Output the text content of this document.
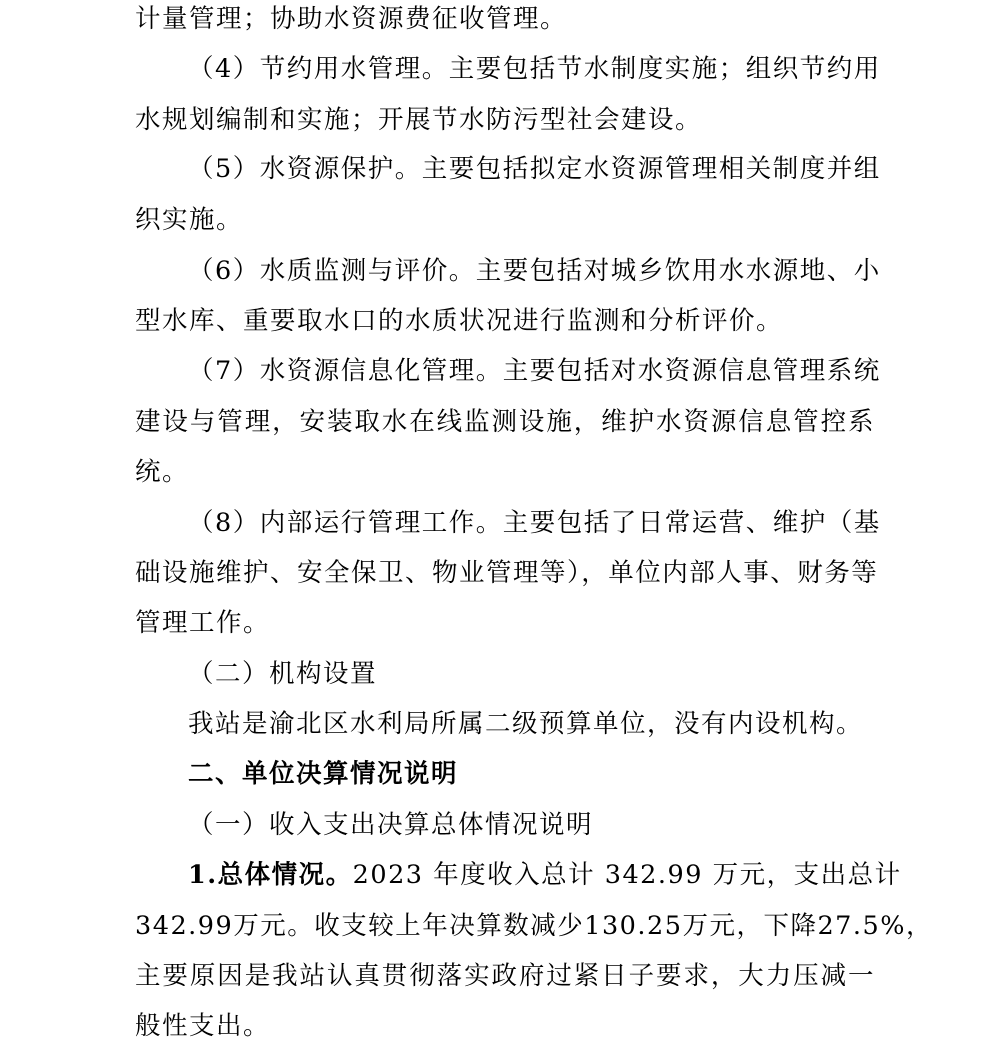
计量管理；协助水资源费征收管理。
（4）节约用水管理。主要包括节水制度实施；组织节约用
水规划编制和实施；开展节水防污型社会建设。
（5）水资源保护。主要包括拟定水资源管理相关制度并组
织实施。
（6）水质监测与评价。主要包括对城乡饮用水水源地、小
型水库、重要取水口的水质状况进行监测和分析评价。
（7）水资源信息化管理。主要包括对水资源信息管理系统
建设与管理，安装取水在线监测设施，维护水资源信息管控系
统。
（8）内部运行管理工作。主要包括了日常运营、维护（基
础设施维护、安全保卫、物业管理等），单位内部人事、财务等
管理工作。
（二）机构设置
我站是渝北区水利局所属二级预算单位，没有内设机构。
二、单位决算情况说明
（一）收入支出决算总体情况说明
1.总体情况。2023 年度收入总计 342.99 万元，支出总计
342.99万元。收支较上年决算数减少130.25万元，下降27.5%，
主要原因是我站认真贯彻落实政府过紧日子要求，大力压减一
般性支出。
